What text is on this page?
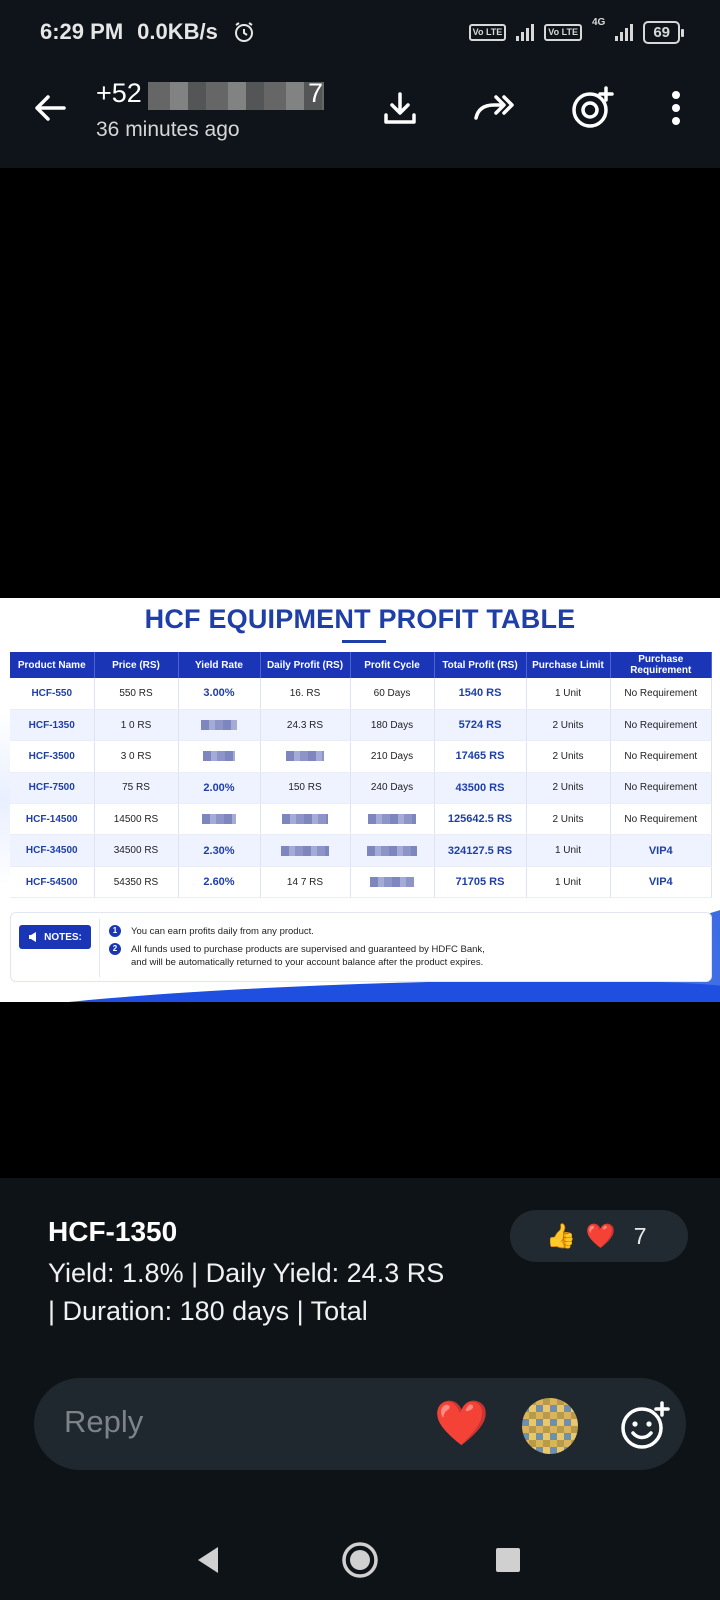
6:29 PM 0.0KB/s	Vo LTE	Vo LTE
4G
69
+52	7
36 minutes ago
HCF EQUIPMENT PROFIT TABLE
Product Name	Price (RS)	Yield Rate	Daily Profit (RS)	Profit Cycle	Total Profit (RS)	Purchase Limit	Purchase Requirement
HCF-550	550 RS	3.00%	16. RS	60 Days	1540 RS	1 Unit	No Requirement
HCF-1350	1 0 RS		24.3 RS	180 Days	5724 RS	2 Units	No Requirement
HCF-3500	3 0 RS			210 Days	17465 RS	2 Units	No Requirement
HCF-7500	75 RS	2.00%	150 RS	240 Days	43500 RS	2 Units	No Requirement
HCF-14500	14500 RS				125642.5 RS	2 Units	No Requirement
HCF-34500	34500 RS	2.30%			324127.5 RS	1 Unit	VIP4
HCF-54500	54350 RS	2.60%	14 7 RS		71705 RS	1 Unit	VIP4
NOTES:
1	You can earn profits daily from any product.
2	All funds used to purchase products are supervised and guaranteed by HDFC Bank,
and will be automatically returned to your account balance after the product expires.
HCF-1350
Yield: 1.8% | Daily Yield: 24.3 RS
| Duration: 180 days | Total
👍 ❤️ 7
Reply
❤️
